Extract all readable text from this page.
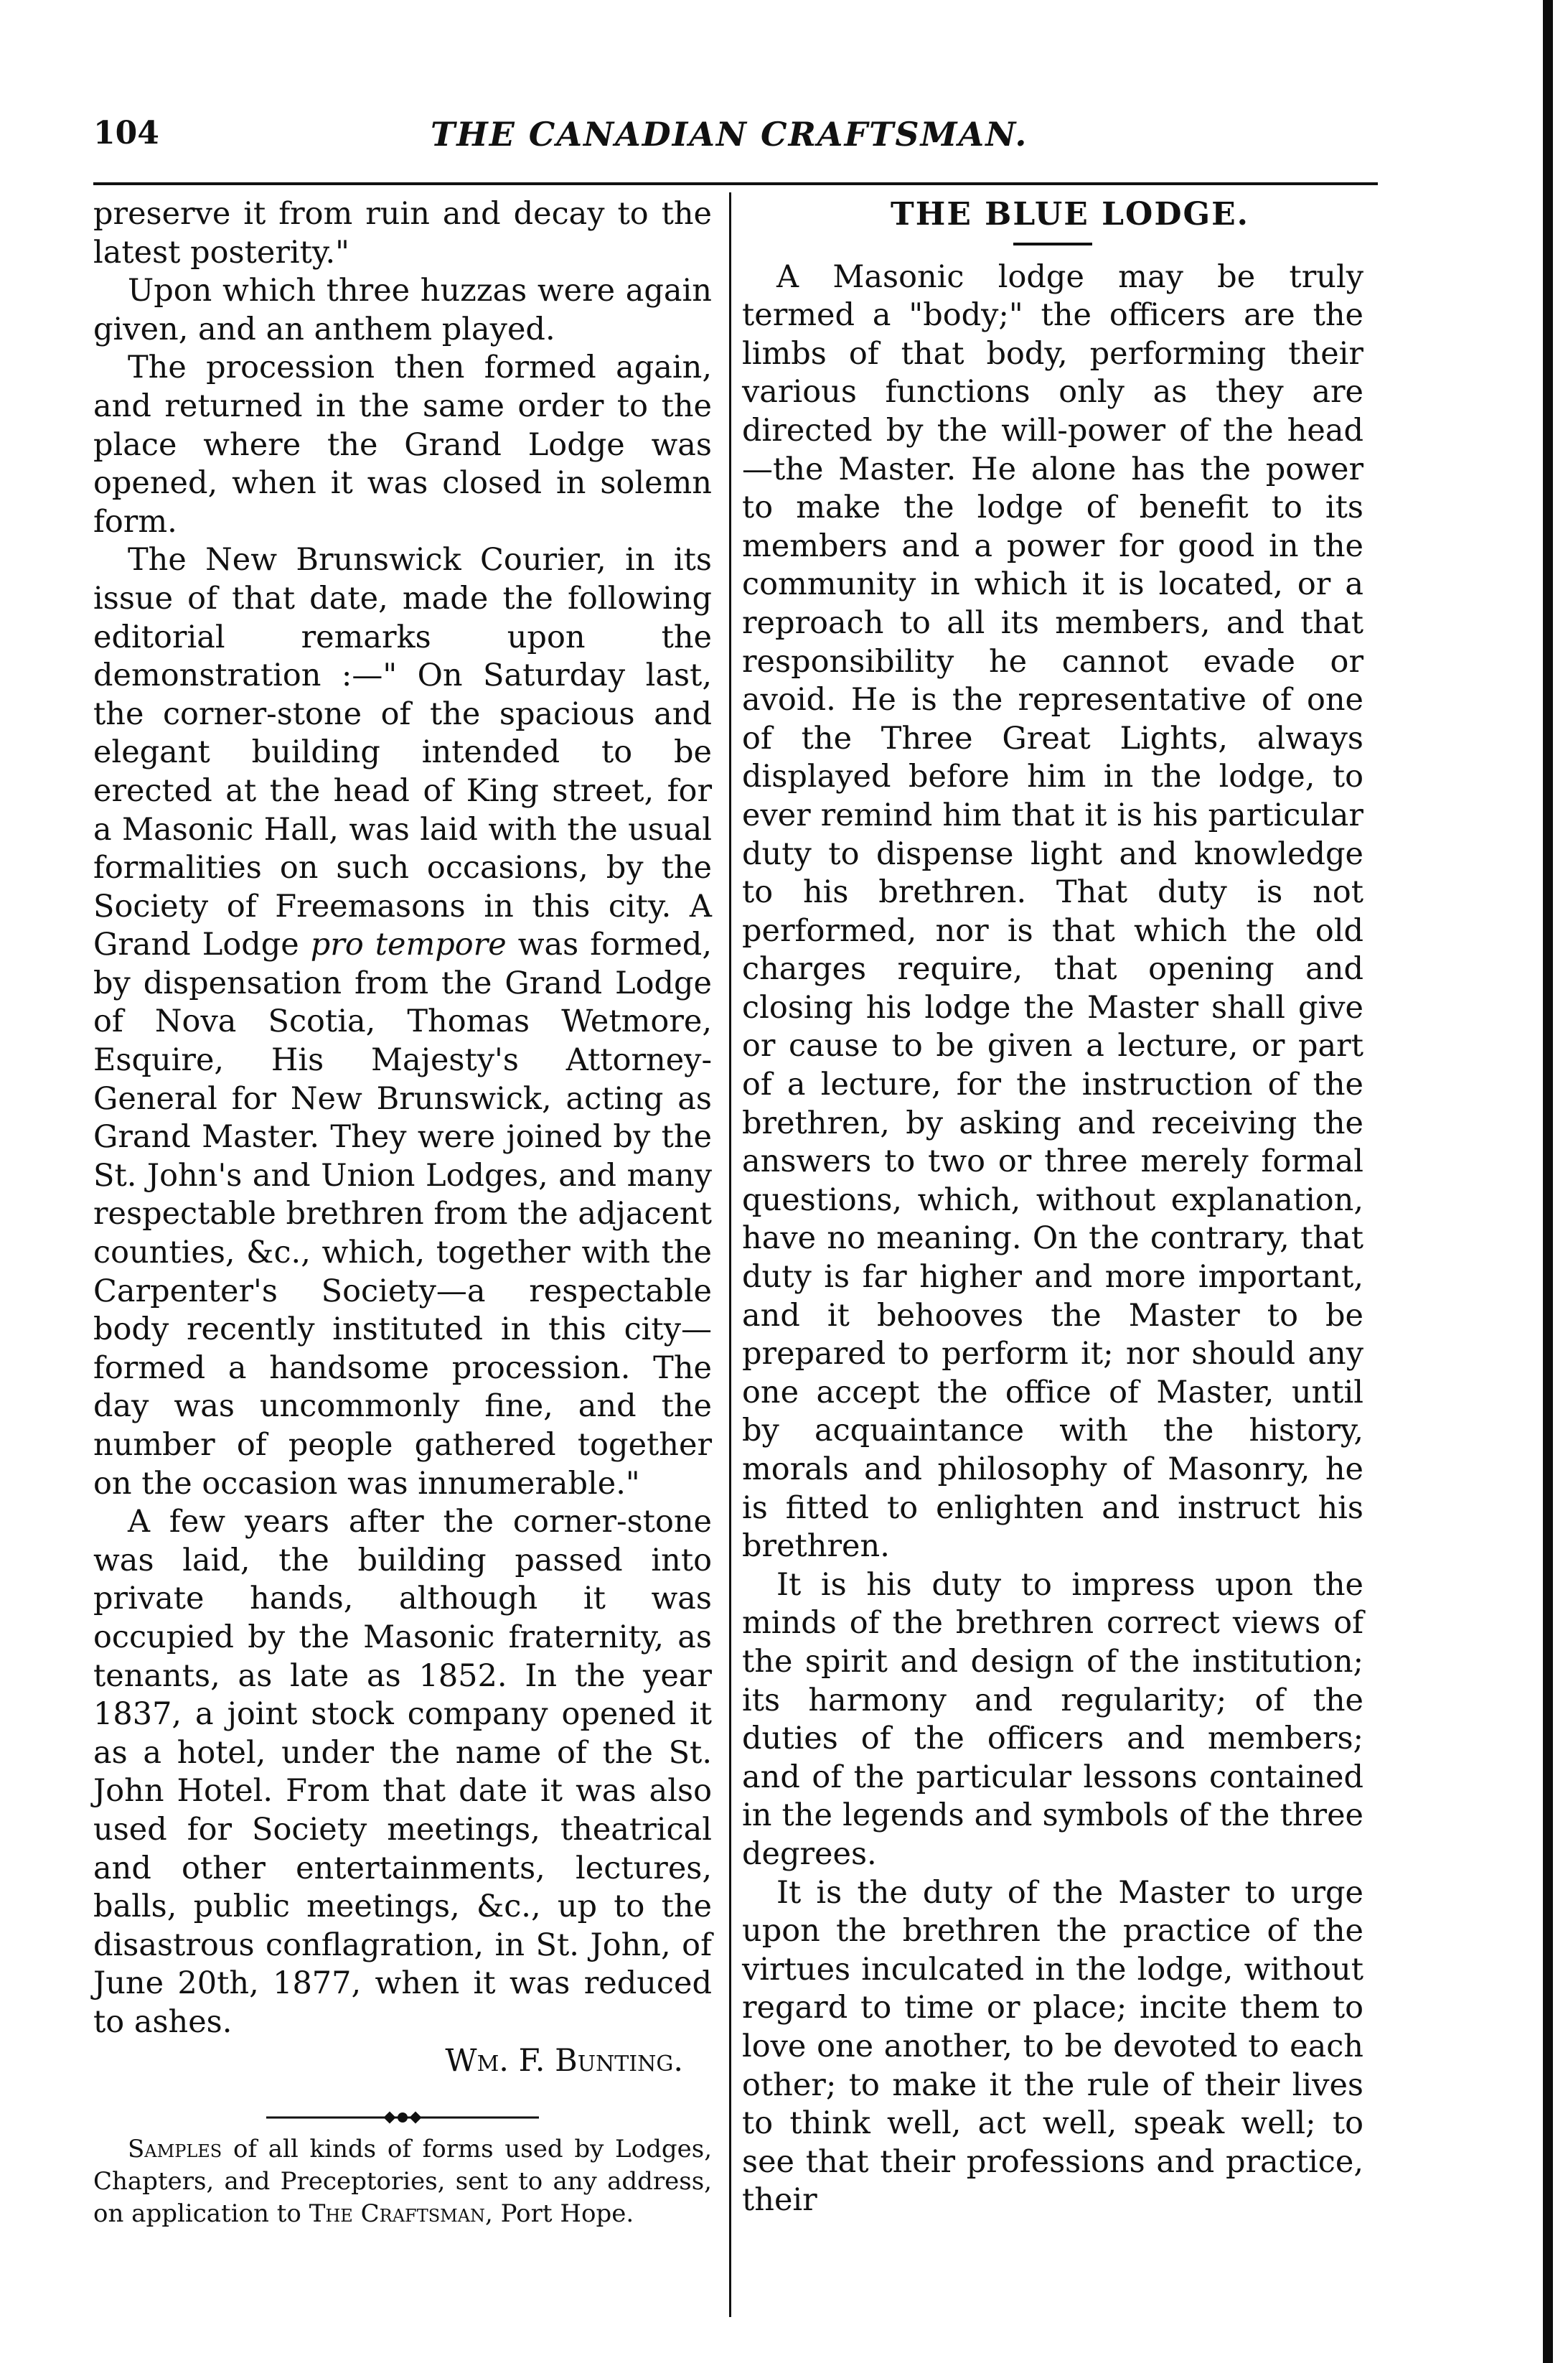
104	THE CANADIAN CRAFTSMAN.

preserve it from ruin and decay to the latest posterity."

Upon which three huzzas were again given, and an anthem played.

The procession then formed again, and returned in the same order to the place where the Grand Lodge was opened, when it was closed in solemn form.

The New Brunswick Courier, in its issue of that date, made the following editorial remarks upon the demonstration :—" On Saturday last, the corner-stone of the spacious and elegant building intended to be erected at the head of King street, for a Masonic Hall, was laid with the usual formalities on such occasions, by the Society of Freemasons in this city. A Grand Lodge pro tempore was formed, by dispensation from the Grand Lodge of Nova Scotia, Thomas Wetmore, Esquire, His Majesty's Attorney-General for New Brunswick, acting as Grand Master. They were joined by the St. John's and Union Lodges, and many respectable brethren from the adjacent counties, &c., which, together with the Carpenter's Society—a respectable body recently instituted in this city—formed a handsome procession. The day was uncommonly fine, and the number of people gathered together on the occasion was innumerable."

A few years after the corner-stone was laid, the building passed into private hands, although it was occupied by the Masonic fraternity, as tenants, as late as 1852. In the year 1837, a joint stock company opened it as a hotel, under the name of the St. John Hotel. From that date it was also used for Society meetings, theatrical and other entertainments, lectures, balls, public meetings, &c., up to the disastrous conflagration, in St. John, of June 20th, 1877, when it was reduced to ashes.

Wm. F. Bunting.

Samples of all kinds of forms used by Lodges, Chapters, and Preceptories, sent to any address, on application to The Craftsman, Port Hope.

THE BLUE LODGE.

A Masonic lodge may be truly termed a "body;" the officers are the limbs of that body, performing their various functions only as they are directed by the will-power of the head—the Master. He alone has the power to make the lodge of benefit to its members and a power for good in the community in which it is located, or a reproach to all its members, and that responsibility he cannot evade or avoid. He is the representative of one of the Three Great Lights, always displayed before him in the lodge, to ever remind him that it is his particular duty to dispense light and knowledge to his brethren. That duty is not performed, nor is that which the old charges require, that opening and closing his lodge the Master shall give or cause to be given a lecture, or part of a lecture, for the instruction of the brethren, by asking and receiving the answers to two or three merely formal questions, which, without explanation, have no meaning. On the contrary, that duty is far higher and more important, and it behooves the Master to be prepared to perform it; nor should any one accept the office of Master, until by acquaintance with the history, morals and philosophy of Masonry, he is fitted to enlighten and instruct his brethren.

It is his duty to impress upon the minds of the brethren correct views of the spirit and design of the institution; its harmony and regularity; of the duties of the officers and members; and of the particular lessons contained in the legends and symbols of the three degrees.

It is the duty of the Master to urge upon the brethren the practice of the virtues inculcated in the lodge, without regard to time or place; incite them to love one another, to be devoted to each other; to make it the rule of their lives to think well, act well, speak well; to see that their professions and practice, their
